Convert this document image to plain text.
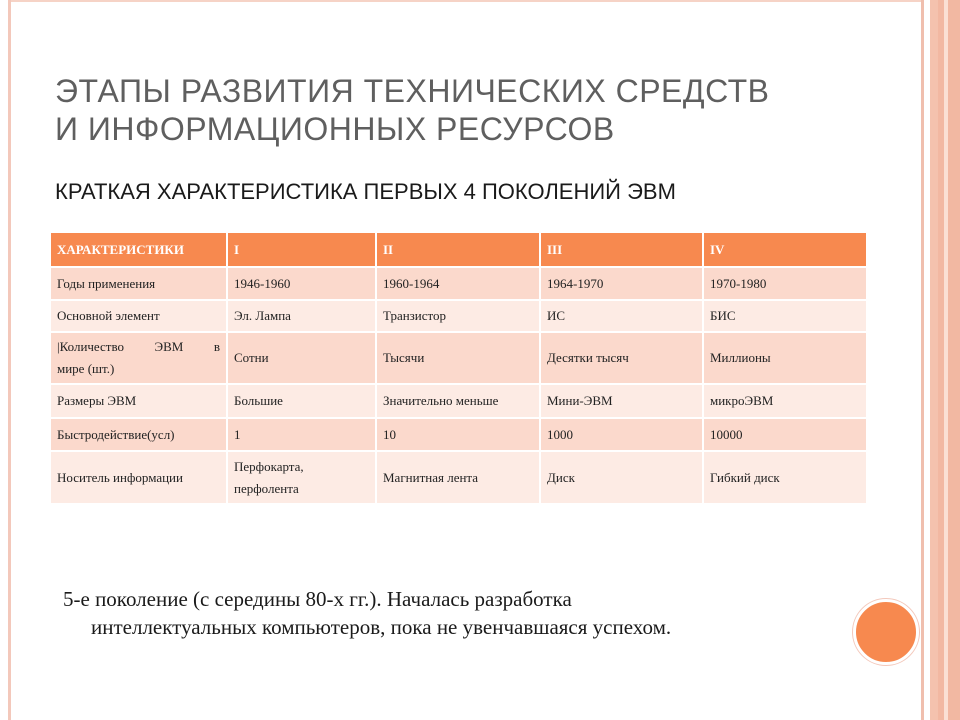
ЭТАПЫ РАЗВИТИЯ ТЕХНИЧЕСКИХ СРЕДСТВ
И ИНФОРМАЦИОННЫХ РЕСУРСОВ
КРАТКАЯ ХАРАКТЕРИСТИКА ПЕРВЫХ 4 ПОКОЛЕНИЙ ЭВМ
ХАРАКТЕРИСТИКИ	I	II	III	IV
Годы применения	1946-1960	1960-1964	1964-1970	1970-1980
Основной элемент	Эл. Лампа	Транзистор	ИС	БИС

|Количество ЭВМ в
мире (шт.)	Сотни	Тысячи	Десятки тысяч	Миллионы
Размеры ЭВМ	Большие	Значительно меньше	Мини-ЭВМ	микроЭВМ
Быстродействие(усл)	1	10	1000	10000
Носитель информации	Перфокарта, перфолента	Магнитная лента	Диск	Гибкий диск
5-е поколение (с середины 80-х гг.). Началась разработка
интеллектуальных компьютеров, пока не увенчавшаяся успехом.
